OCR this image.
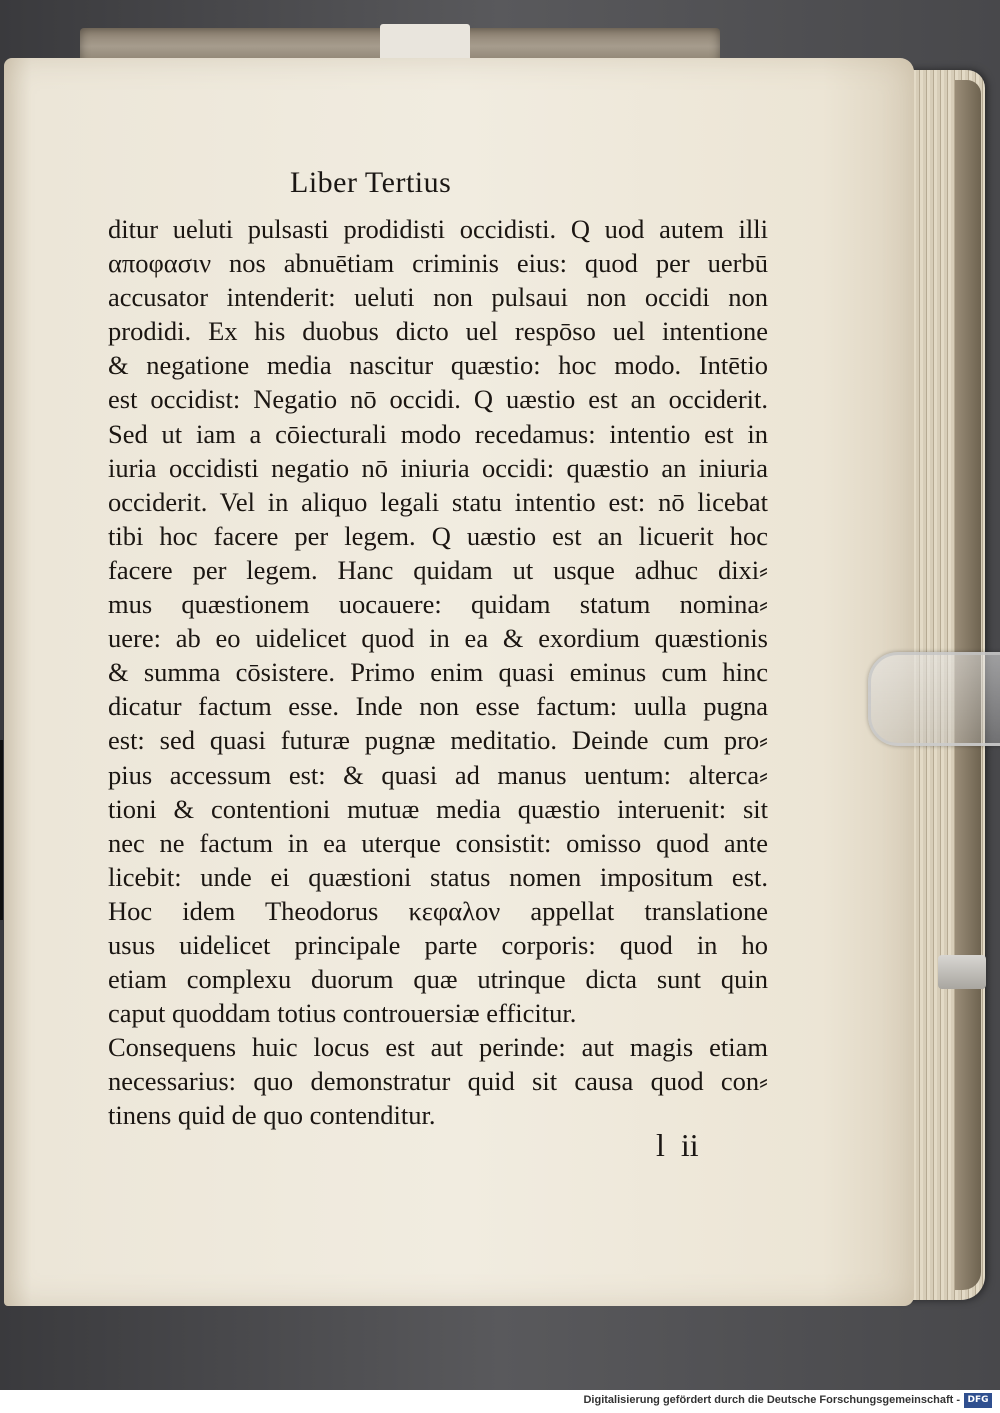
Liber Tertius
ditur ueluti pulsasti prodidisti occidisti. Q uod autem illi
αποφασιν nos abnuētiam criminis eius: quod per uerbū
accusator intenderit: ueluti non pulsaui non occidi non
prodidi. Ex his duobus dicto uel respōso uel intentione
& negatione media nascitur quæstio: hoc modo. Intētio
est occidist: Negatio nō occidi. Q uæstio est an occiderit.
Sed ut iam a cōiecturali modo recedamus: intentio est in
iuria occidisti negatio nō iniuria occidi: quæstio an iniuria
occiderit. Vel in aliquo legali statu intentio est: nō licebat
tibi hoc facere per legem. Q uæstio est an licuerit hoc
facere per legem. Hanc quidam ut usque adhuc dixi⸗
mus quæstionem uocauere: quidam statum nomina⸗
uere: ab eo uidelicet quod in ea & exordium quæstionis
& summa cōsistere. Primo enim quasi eminus cum hinc
dicatur factum esse. Inde non esse factum: uulla pugna
est: sed quasi futuræ pugnæ meditatio. Deinde cum pro⸗
pius accessum est: & quasi ad manus uentum: alterca⸗
tioni & contentioni mutuæ media quæstio interuenit: sit
nec ne factum in ea uterque consistit: omisso quod ante
licebit: unde ei quæstioni status nomen impositum est.
Hoc idem Theodorus κεφαλον appellat translatione
usus uidelicet principale parte corporis: quod in ho
etiam complexu duorum quæ utrinque dicta sunt quin
caput quoddam totius controuersiæ efficitur.
Consequens huic locus est aut perinde: aut magis etiam
necessarius: quo demonstratur quid sit causa quod con⸗
tinens quid de quo contenditur.
l ii
Digitalisierung gefördert durch die Deutsche Forschungsgemeinschaft - DFG
